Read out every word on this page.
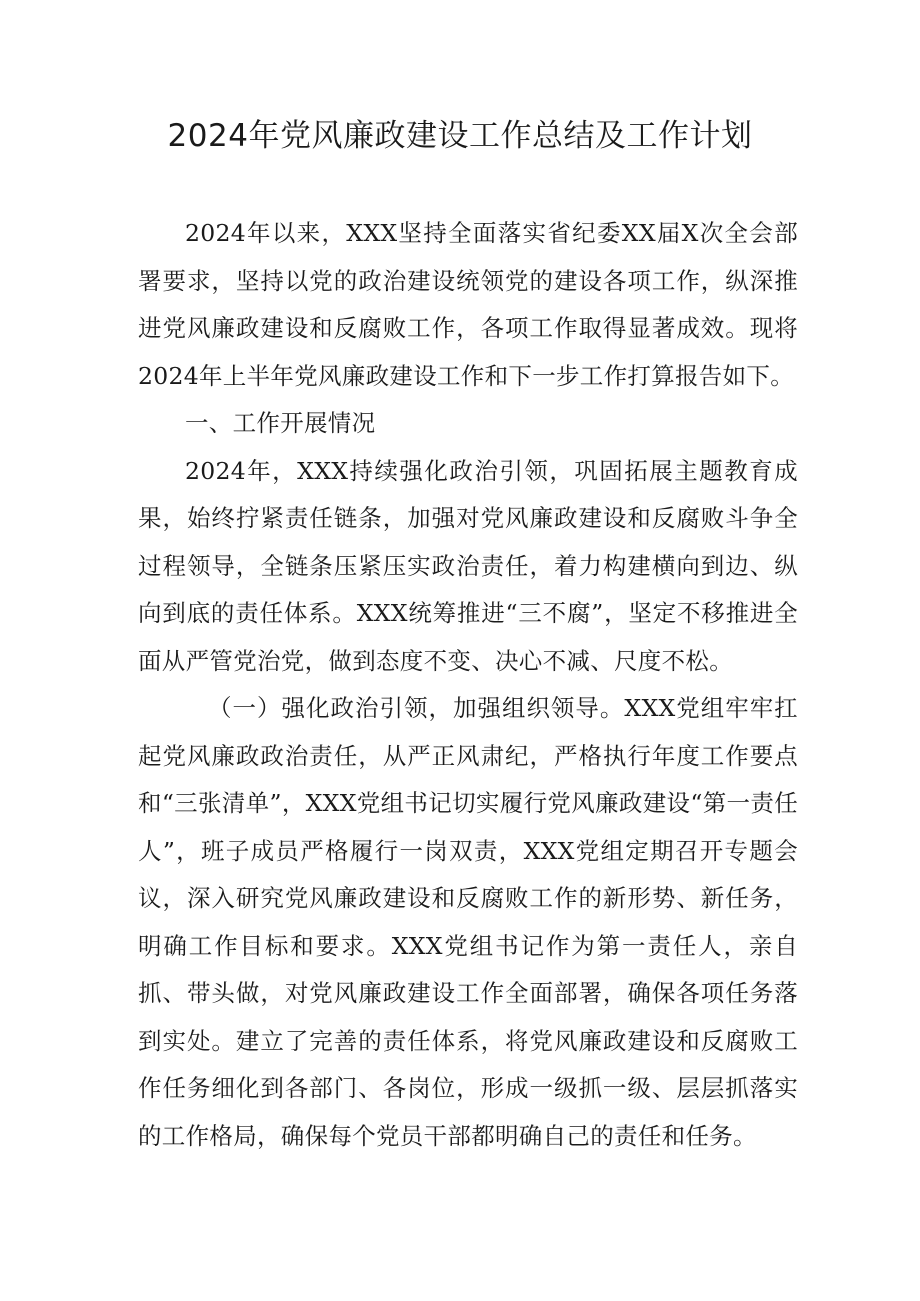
2024年党风廉政建设工作总结及工作计划

2024年以来，XXX坚持全面落实省纪委XX届X次全会部署要求，坚持以党的政治建设统领党的建设各项工作，纵深推进党风廉政建设和反腐败工作，各项工作取得显著成效。现将2024年上半年党风廉政建设工作和下一步工作打算报告如下。

一、工作开展情况

2024年，XXX持续强化政治引领，巩固拓展主题教育成果，始终拧紧责任链条，加强对党风廉政建设和反腐败斗争全过程领导，全链条压紧压实政治责任，着力构建横向到边、纵向到底的责任体系。XXX统筹推进“三不腐”，坚定不移推进全面从严管党治党，做到态度不变、决心不减、尺度不松。

（一）强化政治引领，加强组织领导。XXX党组牢牢扛起党风廉政政治责任，从严正风肃纪，严格执行年度工作要点和“三张清单”，XXX党组书记切实履行党风廉政建设“第一责任人”，班子成员严格履行一岗双责，XXX党组定期召开专题会议，深入研究党风廉政建设和反腐败工作的新形势、新任务，明确工作目标和要求。XXX党组书记作为第一责任人，亲自抓、带头做，对党风廉政建设工作全面部署，确保各项任务落到实处。建立了完善的责任体系，将党风廉政建设和反腐败工作任务细化到各部门、各岗位，形成一级抓一级、层层抓落实的工作格局，确保每个党员干部都明确自己的责任和任务。
